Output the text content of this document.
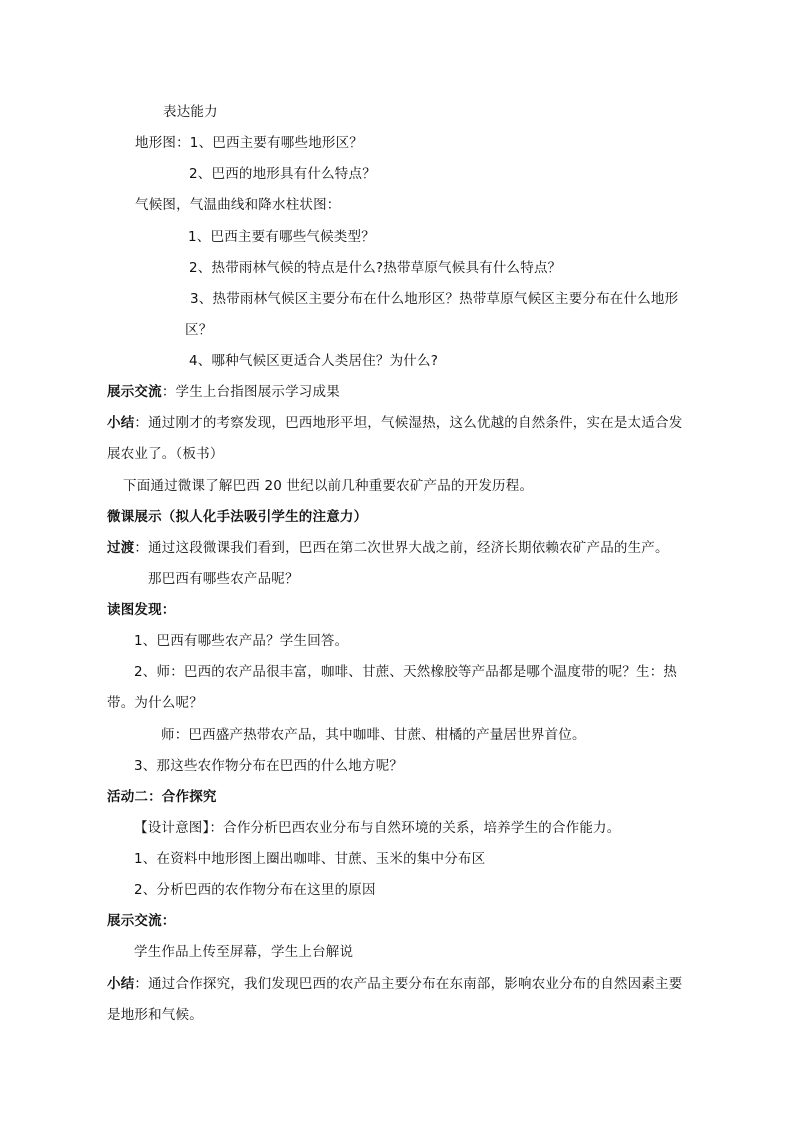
表达能力
地形图：1、巴西主要有哪些地形区？
2、巴西的地形具有什么特点？
气候图，气温曲线和降水柱状图：
1、巴西主要有哪些气候类型？
2、热带雨林气候的特点是什么?热带草原气候具有什么特点？
3、热带雨林气候区主要分布在什么地形区？热带草原气候区主要分布在什么地形
区？
4、哪种气候区更适合人类居住？为什么?
展示交流：学生上台指图展示学习成果
小结：通过刚才的考察发现，巴西地形平坦，气候湿热，这么优越的自然条件，实在是太适合发
展农业了。（板书）
下面通过微课了解巴西 20 世纪以前几种重要农矿产品的开发历程。
微课展示（拟人化手法吸引学生的注意力）
过渡：通过这段微课我们看到，巴西在第二次世界大战之前，经济长期依赖农矿产品的生产。
那巴西有哪些农产品呢？
读图发现：
1、巴西有哪些农产品？学生回答。
2、师：巴西的农产品很丰富，咖啡、甘蔗、天然橡胶等产品都是哪个温度带的呢？生：热
带。为什么呢？
师：巴西盛产热带农产品，其中咖啡、甘蔗、柑橘的产量居世界首位。
3、那这些农作物分布在巴西的什么地方呢？
活动二：合作探究
【设计意图】：合作分析巴西农业分布与自然环境的关系，培养学生的合作能力。
1、在资料中地形图上圈出咖啡、甘蔗、玉米的集中分布区
2、分析巴西的农作物分布在这里的原因
展示交流：
学生作品上传至屏幕，学生上台解说
小结：通过合作探究，我们发现巴西的农产品主要分布在东南部，影响农业分布的自然因素主要
是地形和气候。
